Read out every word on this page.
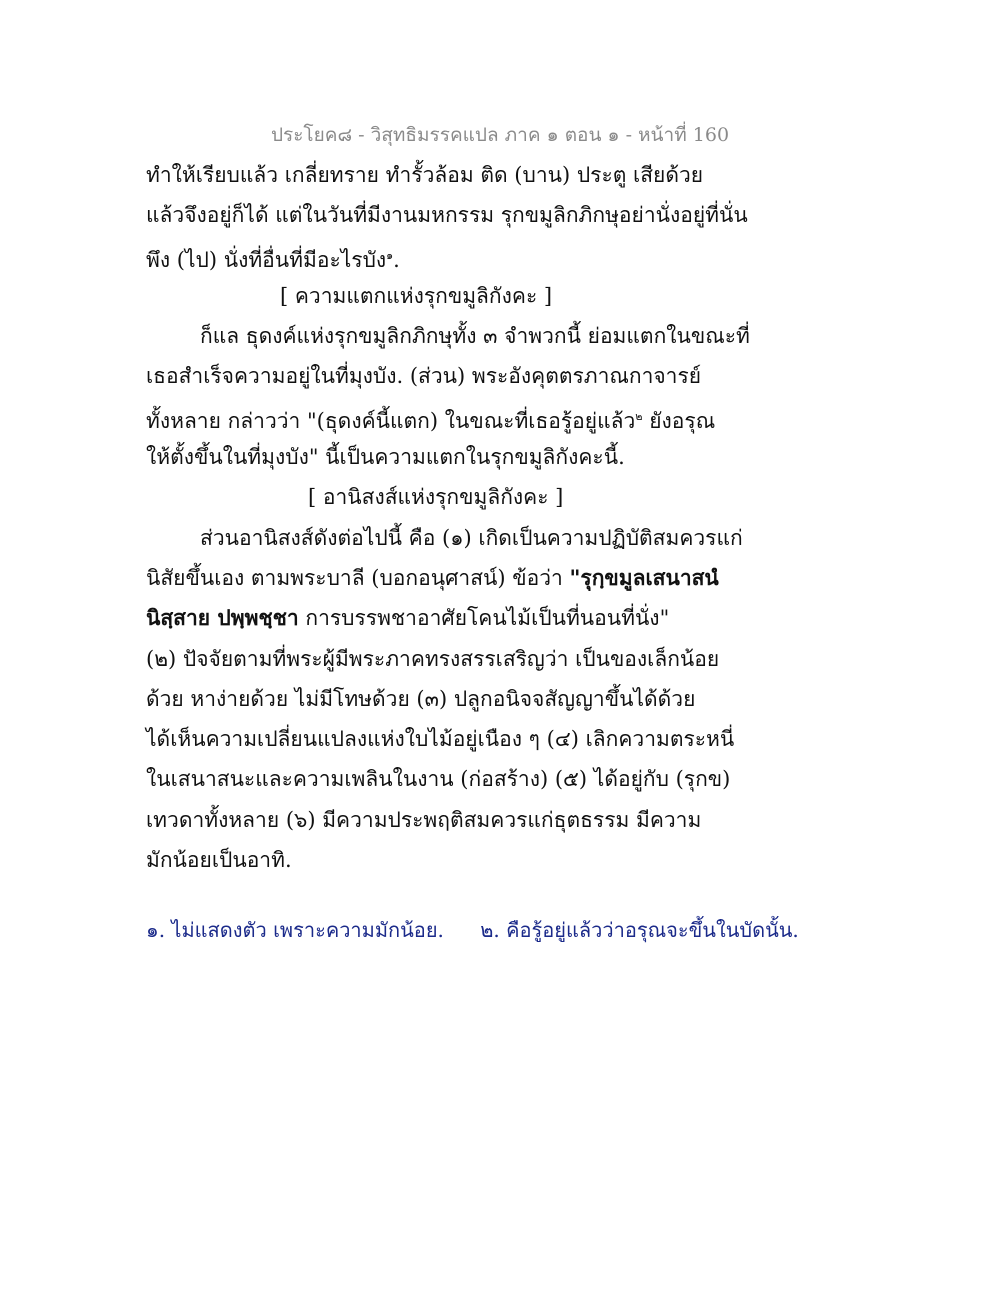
ประโยค๘ - วิสุทธิมรรคแปล ภาค ๑ ตอน ๑ - หน้าที่ 160
ทำให้เรียบแล้ว เกลี่ยทราย ทำรั้วล้อม ติด (บาน) ประตู เสียด้วย
แล้วจึงอยู่ก็ได้ แต่ในวันที่มีงานมหกรรม รุกขมูลิกภิกษุอย่านั่งอยู่ที่นั่น
พึง (ไป) นั่งที่อื่นที่มีอะไรบัง$^๑$.
[ ความแตกแห่งรุกขมูลิกังคะ ]
ก็แล ธุดงค์แห่งรุกขมูลิกภิกษุทั้ง ๓ จำพวกนี้ ย่อมแตกในขณะที่
เธอสำเร็จความอยู่ในที่มุงบัง. (ส่วน) พระอังคุตตรภาณกาจารย์
ทั้งหลาย กล่าวว่า "(ธุดงค์นี้แตก) ในขณะที่เธอรู้อยู่แล้ว$^๒$ ยังอรุณ
ให้ตั้งขึ้นในที่มุงบัง" นี้เป็นความแตกในรุกขมูลิกังคะนี้.
[ อานิสงส์แห่งรุกขมูลิกังคะ ]
ส่วนอานิสงส์ดังต่อไปนี้ คือ (๑) เกิดเป็นความปฏิบัติสมควรแก่
นิสัยขึ้นเอง ตามพระบาลี (บอกอนุศาสน์) ข้อว่า "รุกฺขมูลเสนาสนํ
นิสฺสาย ปพฺพชฺชา การบรรพชาอาศัยโคนไม้เป็นที่นอนที่นั่ง"
(๒) ปัจจัยตามที่พระผู้มีพระภาคทรงสรรเสริญว่า เป็นของเล็กน้อย
ด้วย หาง่ายด้วย ไม่มีโทษด้วย (๓) ปลูกอนิจจสัญญาขึ้นได้ด้วย
ได้เห็นความเปลี่ยนแปลงแห่งใบไม้อยู่เนือง ๆ (๔) เลิกความตระหนี่
ในเสนาสนะและความเพลินในงาน (ก่อสร้าง) (๕) ได้อยู่กับ (รุกข)
เทวดาทั้งหลาย (๖) มีความประพฤติสมควรแก่ธุตธรรม มีความ
มักน้อยเป็นอาทิ.
๑. ไม่แสดงตัว เพราะความมักน้อย. ๒. คือรู้อยู่แล้วว่าอรุณจะขึ้นในบัดนั้น.
